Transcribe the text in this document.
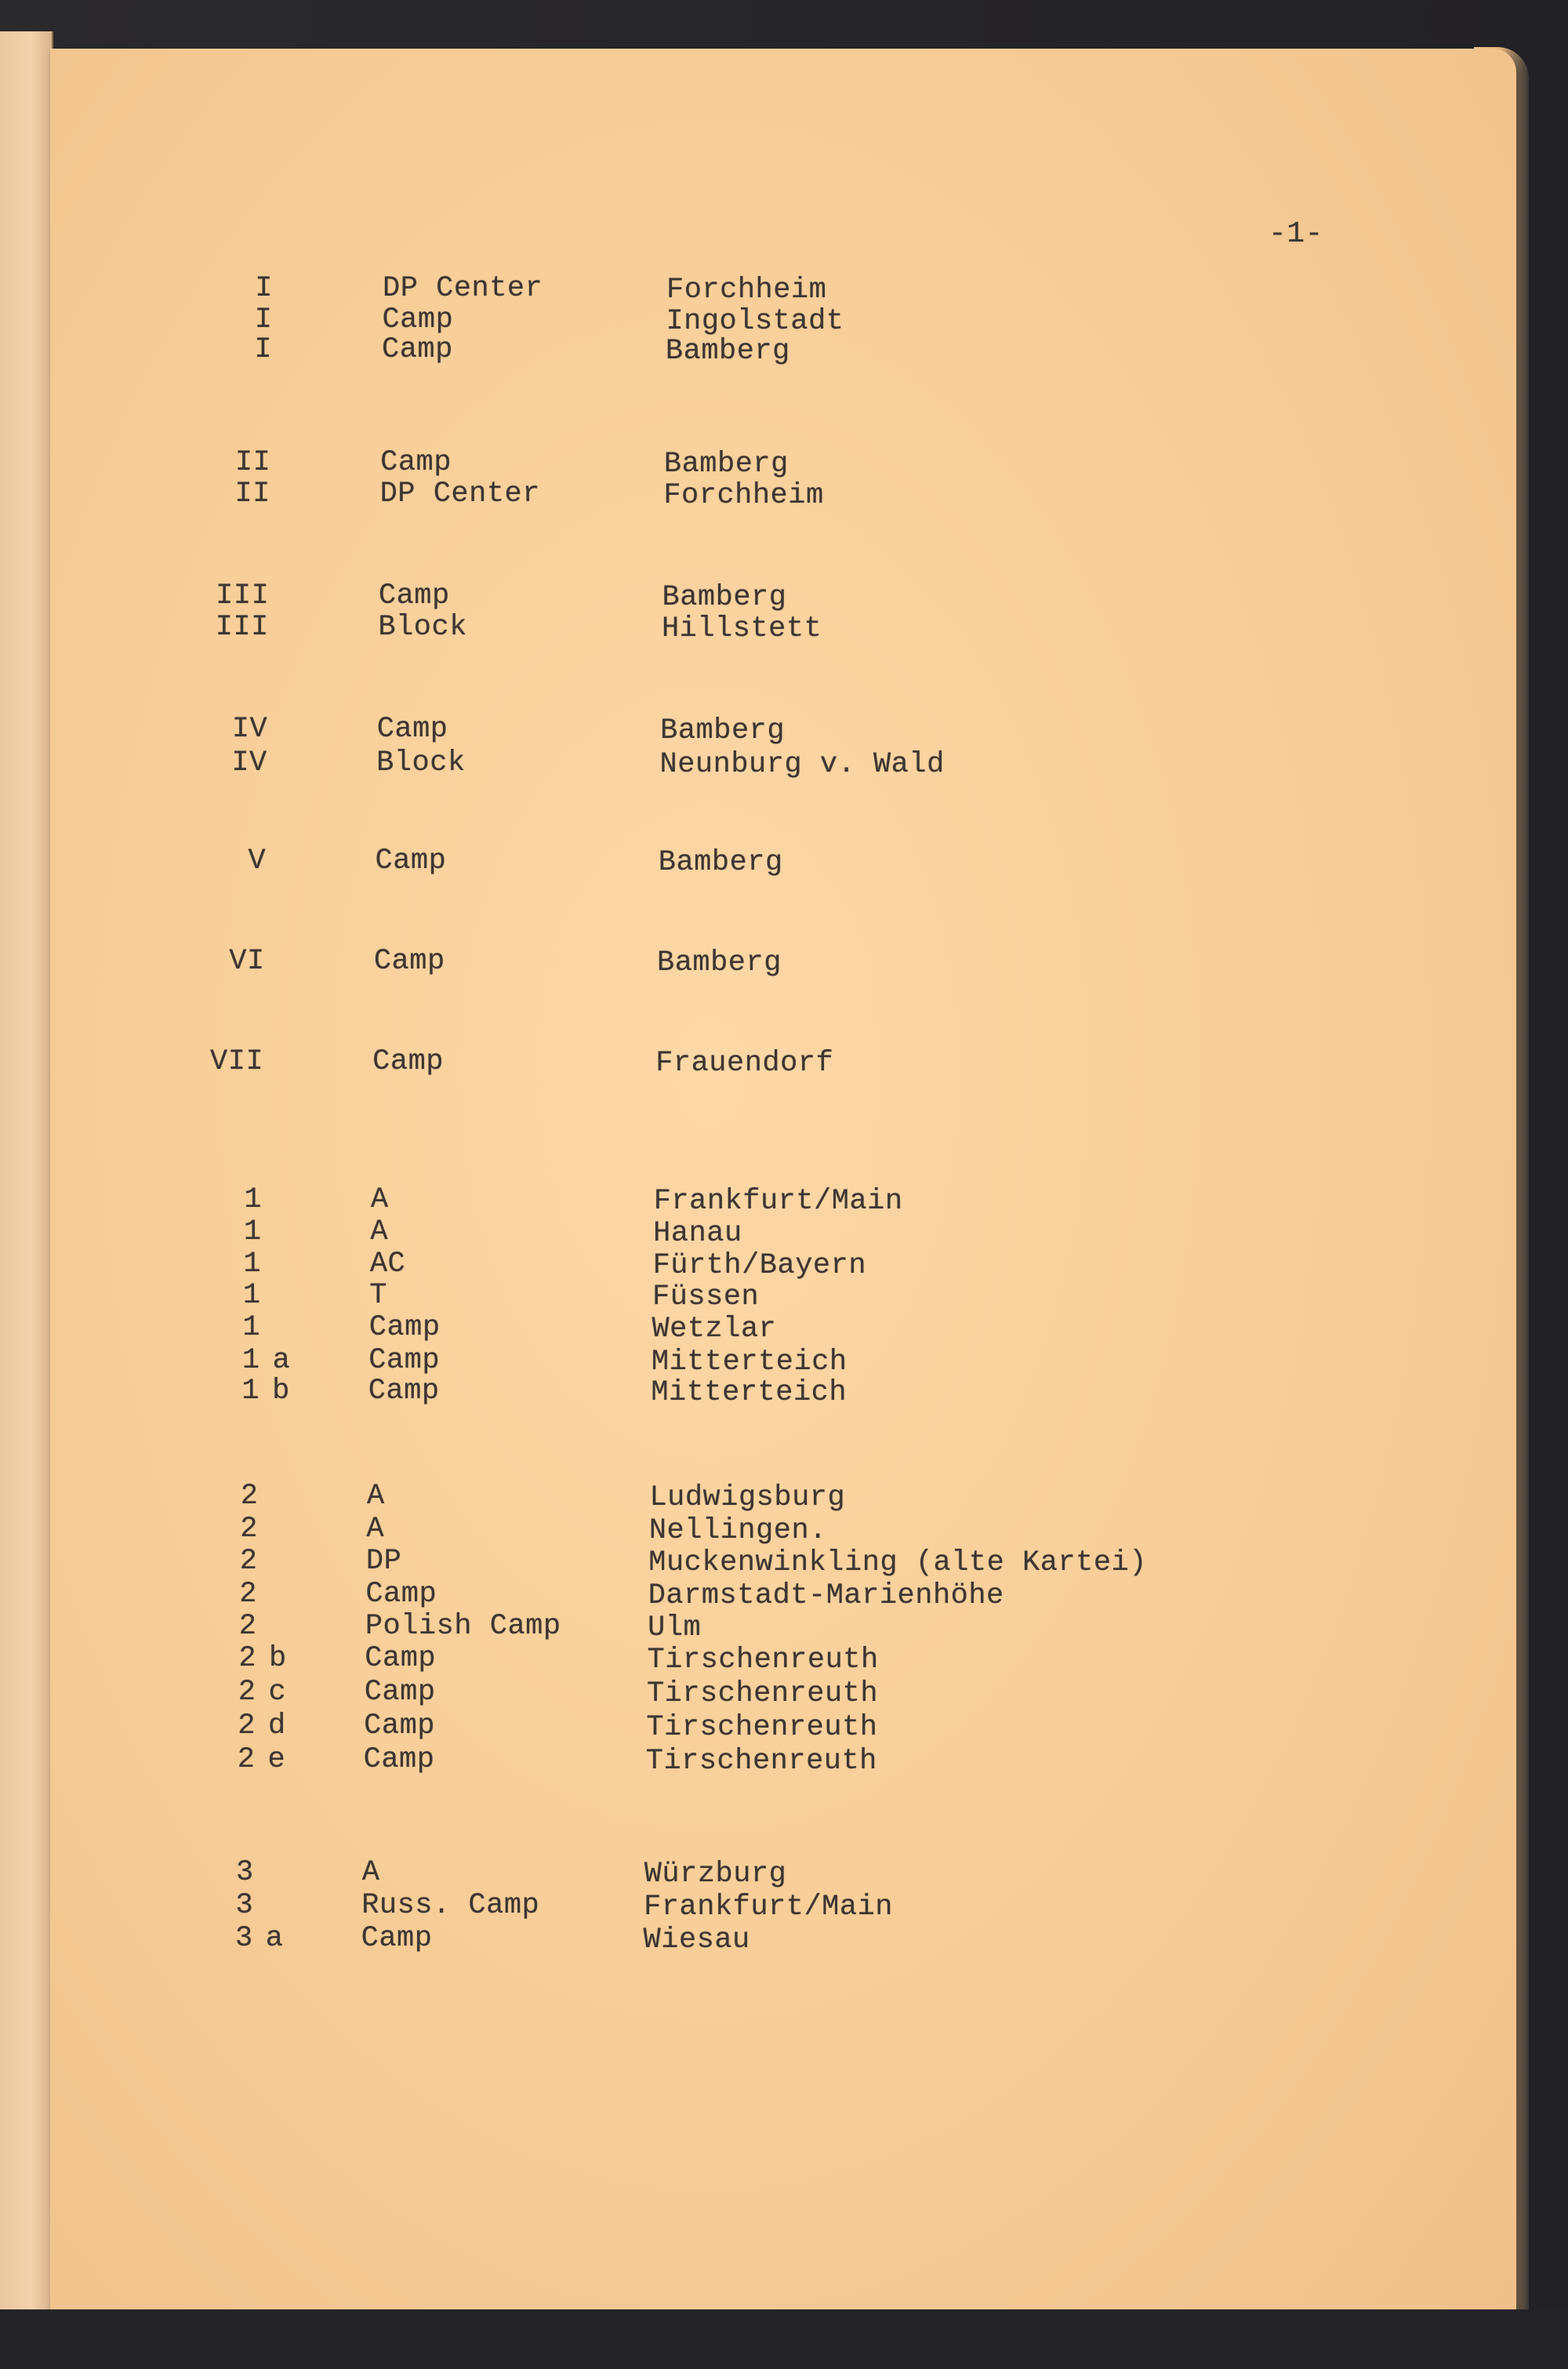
-1-
I	DP Center	Forchheim
I	Camp	Ingolstadt
I	Camp	Bamberg
II	Camp	Bamberg
II	DP Center	Forchheim
III	Camp	Bamberg
III	Block	Hillstett
IV	Camp	Bamberg
IV	Block	Neunburg v. Wald
V	Camp	Bamberg
VI	Camp	Bamberg
VII	Camp	Frauendorf
1	A	Frankfurt/Main
1	A	Hanau
1	AC	Fürth/Bayern
1	T	Füssen
1	Camp	Wetzlar
1 a	Camp	Mitterteich
1 b	Camp	Mitterteich
2	A	Ludwigsburg
2	A	Nellingen.
2	DP	Muckenwinkling (alte Kartei)
2	Camp	Darmstadt-Marienhöhe
2	Polish Camp	Ulm
2 b	Camp	Tirschenreuth
2 c	Camp	Tirschenreuth
2 d	Camp	Tirschenreuth
2 e	Camp	Tirschenreuth
3	A	Würzburg
3	Russ. Camp	Frankfurt/Main
3 a	Camp	Wiesau
